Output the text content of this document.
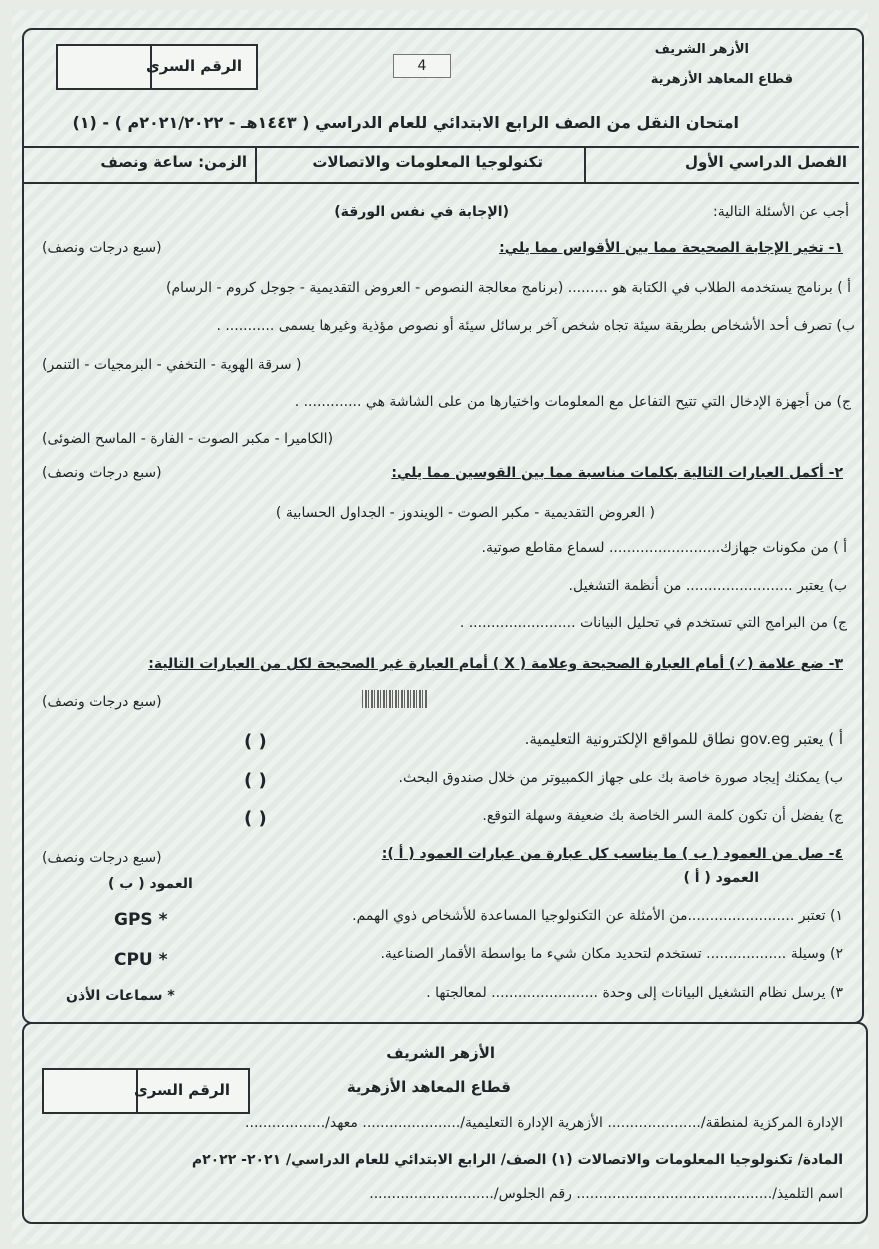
الأزهر الشريف
قطاع المعاهد الأزهرية
4
الرقم السرى
امتحان النقل من الصف الرابع الابتدائي للعام الدراسي ( ١٤٤٣هـ - ٢٠٢١/٢٠٢٢م ) - (١)
الفصل الدراسي الأول
تكنولوجيا المعلومات والاتصالات
الزمن: ساعة ونصف
أجب عن الأسئلة التالية:
(الإجابة في نفس الورقة)
١- تخير الإجابة الصحيحة مما بين الأقواس مما يلي:
(سبع درجات ونصف)
أ ) برنامج يستخدمه الطلاب في الكتابة هو ......... (برنامج معالجة النصوص - العروض التقديمية - جوجل كروم - الرسام)
ب) تصرف أحد الأشخاص بطريقة سيئة تجاه شخص آخر برسائل سيئة أو نصوص مؤذية وغيرها يسمى ........... .
( سرقة الهوية - التخفي - البرمجيات - التنمر)
ج) من أجهزة الإدخال التي تتيح التفاعل مع المعلومات واختيارها من على الشاشة هي ............. .
(الكاميرا - مكبر الصوت - الفارة - الماسح الضوئى)
٢- أكمل العبارات التالية بكلمات مناسبة مما بين القوسين مما يلي:
(سبع درجات ونصف)
( العروض التقديمية - مكبر الصوت - الويندوز - الجداول الحسابية )
أ ) من مكونات جهازك......................... لسماع مقاطع صوتية.
ب) يعتبر ........................ من أنظمة التشغيل.
ج) من البرامج التي تستخدم في تحليل البيانات ........................ .
٣- ضع علامة (✓) أمام العبارة الصحيحة وعلامة ( X ) أمام العبارة غير الصحيحة لكل من العبارات التالية:
(سبع درجات ونصف)
أ ) يعتبر gov.eg نطاق للمواقع الإلكترونية التعليمية.
( )
ب) يمكنك إيجاد صورة خاصة بك على جهاز الكمبيوتر من خلال صندوق البحث.
( )
ج) يفضل أن تكون كلمة السر الخاصة بك ضعيفة وسهلة التوقع.
( )
٤- صل من العمود ( ب ) ما يناسب كل عبارة من عبارات العمود ( أ ):
(سبع درجات ونصف)
العمود ( أ )
العمود ( ب )
١) تعتبر ........................من الأمثلة عن التكنولوجيا المساعدة للأشخاص ذوي الهمم.
٢) وسيلة .................. تستخدم لتحديد مكان شيء ما بواسطة الأقمار الصناعية.
٣) يرسل نظام التشغيل البيانات إلى وحدة ........................ لمعالجتها .
* GPS
* CPU
* سماعات الأذن
الأزهر الشريف
قطاع المعاهد الأزهرية
الرقم السرى
الإدارة المركزية لمنطقة/..................... الأزهرية الإدارة التعليمية/...................... معهد/..................
المادة/ تكنولوجيا المعلومات والاتصالات (١) الصف/ الرابع الابتدائي للعام الدراسي/ ٢٠٢١- ٢٠٢٢م
اسم التلميذ/............................................ رقم الجلوس/............................
